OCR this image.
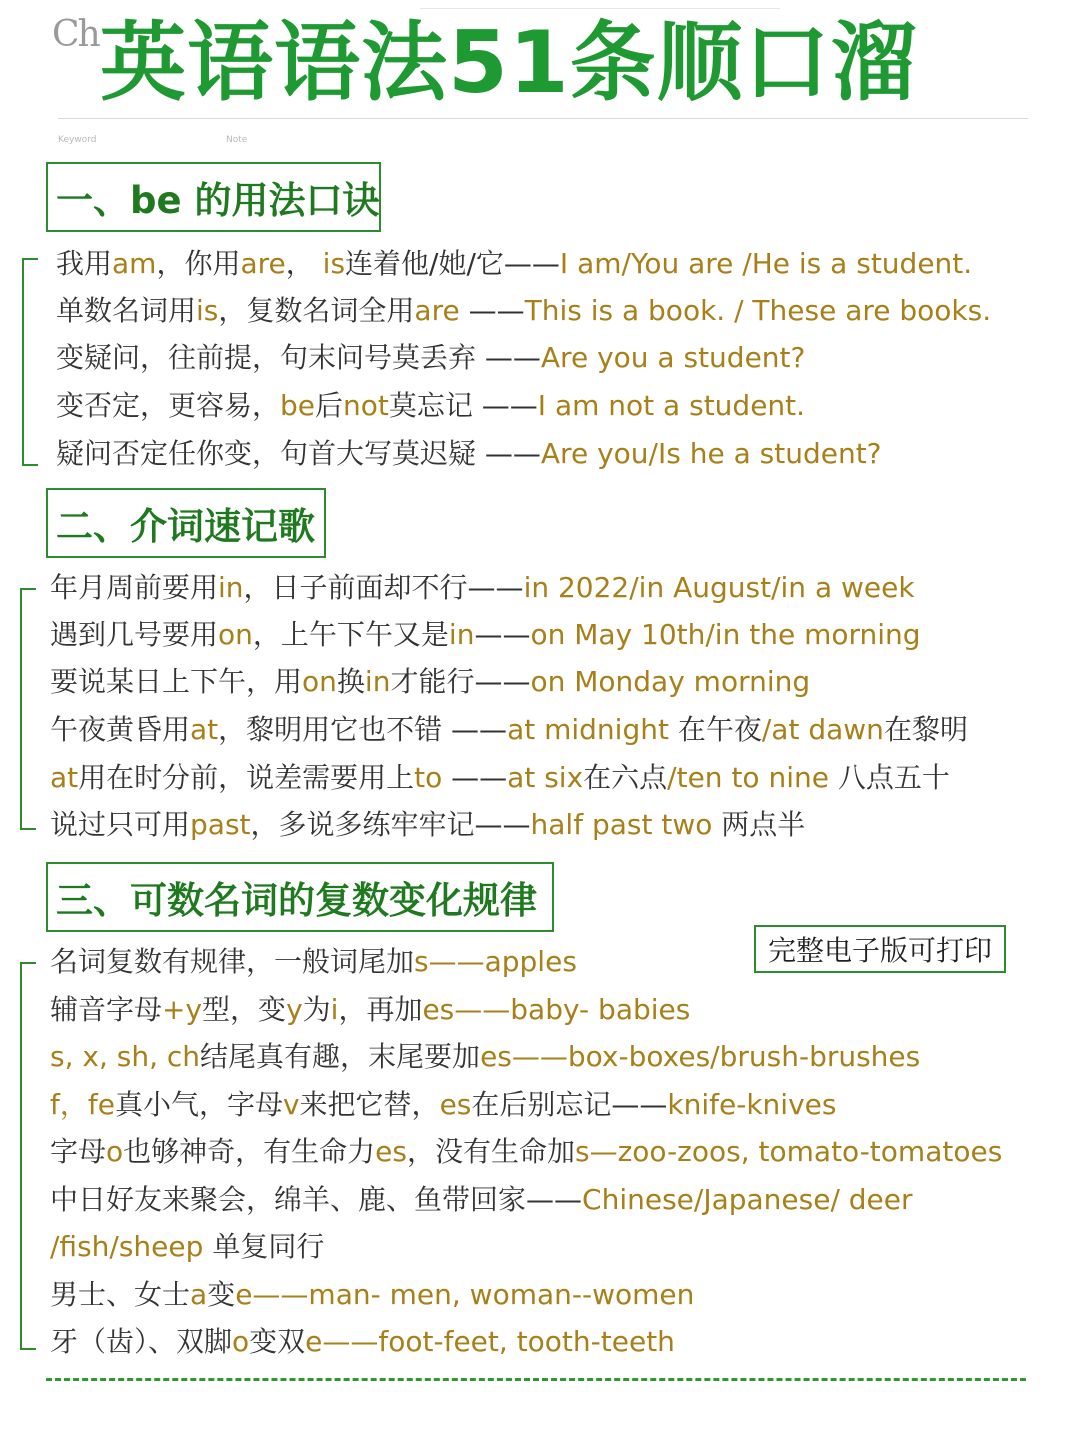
Ch 英语语法51条顺口溜
Keyword	Note
一、be 的用法口诀
我用am，你用are， is连着他/她/它——I am/You are /He is a student.
单数名词用is，复数名词全用are ——This is a book. / These are books.
变疑问，往前提，句末问号莫丢弃 ——Are you a student?
变否定，更容易，be后not莫忘记 ——I am not a student.
疑问否定任你变，句首大写莫迟疑 ——Are you/Is he a student?
二、介词速记歌
年月周前要用in，日子前面却不行——in 2022/in August/in a week
遇到几号要用on，上午下午又是in——on May 10th/in the morning
要说某日上下午，用on换in才能行——on Monday morning
午夜黄昏用at，黎明用它也不错 ——at midnight 在午夜/at dawn在黎明
at用在时分前，说差需要用上to ——at six在六点/ten to nine 八点五十
说过只可用past，多说多练牢牢记——half past two 两点半
三、可数名词的复数变化规律
完整电子版可打印
名词复数有规律，一般词尾加s——apples
辅音字母+y型，变y为i，再加es——baby- babies
s, x, sh, ch结尾真有趣，末尾要加es——box-boxes/brush-brushes
f，fe真小气，字母v来把它替，es在后别忘记——knife-knives
字母o也够神奇，有生命力es，没有生命加s—zoo-zoos, tomato-tomatoes
中日好友来聚会，绵羊、鹿、鱼带回家——Chinese/Japanese/ deer
/fish/sheep 单复同行
男士、女士a变e——man- men, woman--women
牙（齿）、双脚o变双e——foot-feet, tooth-teeth
